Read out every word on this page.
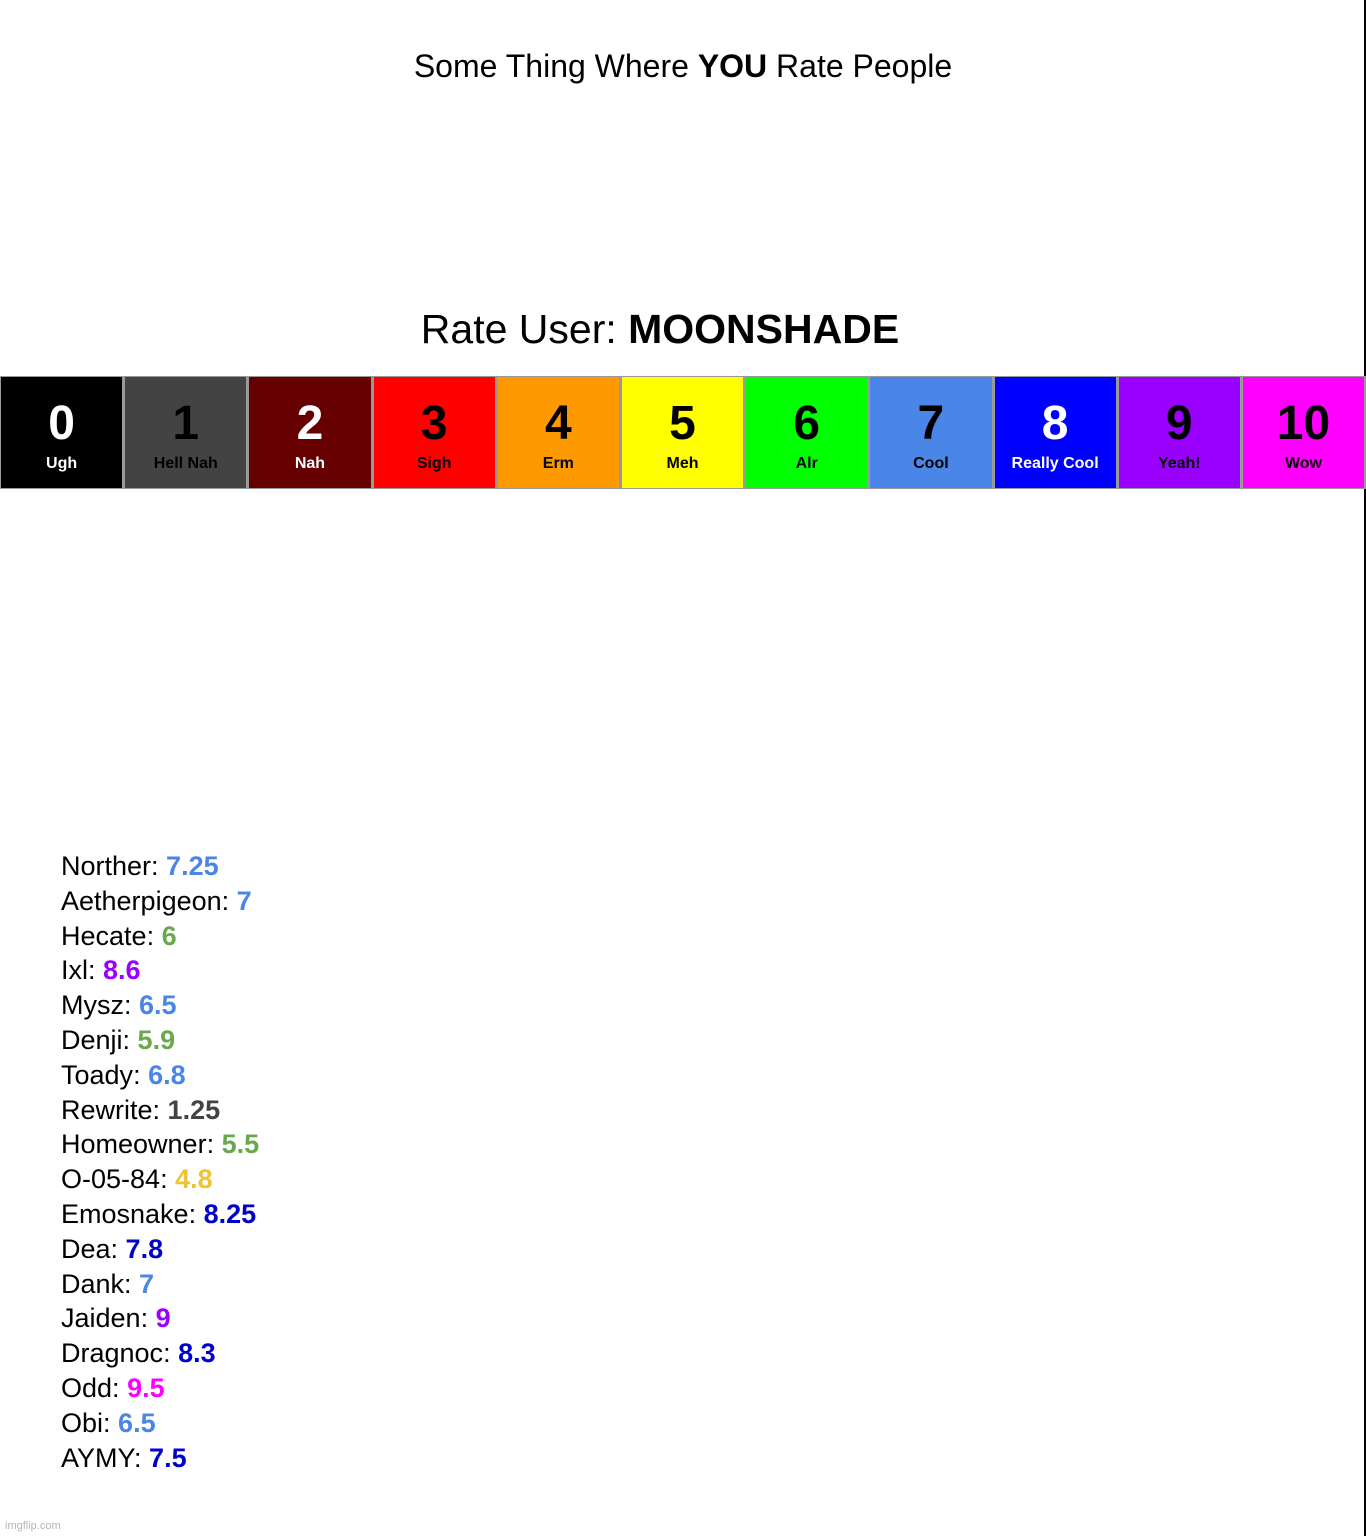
Some Thing Where YOU Rate People
Rate User: MOONSHADE
0
Ugh
1
Hell Nah
2
Nah
3
Sigh
4
Erm
5
Meh
6
Alr
7
Cool
8
Really Cool
9
Yeah!
10
Wow
Norther: 7.25
Aetherpigeon: 7
Hecate: 6
Ixl: 8.6
Mysz: 6.5
Denji: 5.9
Toady: 6.8
Rewrite: 1.25
Homeowner: 5.5
O-05-84: 4.8
Emosnake: 8.25
Dea: 7.8
Dank: 7
Jaiden: 9
Dragnoc: 8.3
Odd: 9.5
Obi: 6.5
AYMY: 7.5
imgflip.com
